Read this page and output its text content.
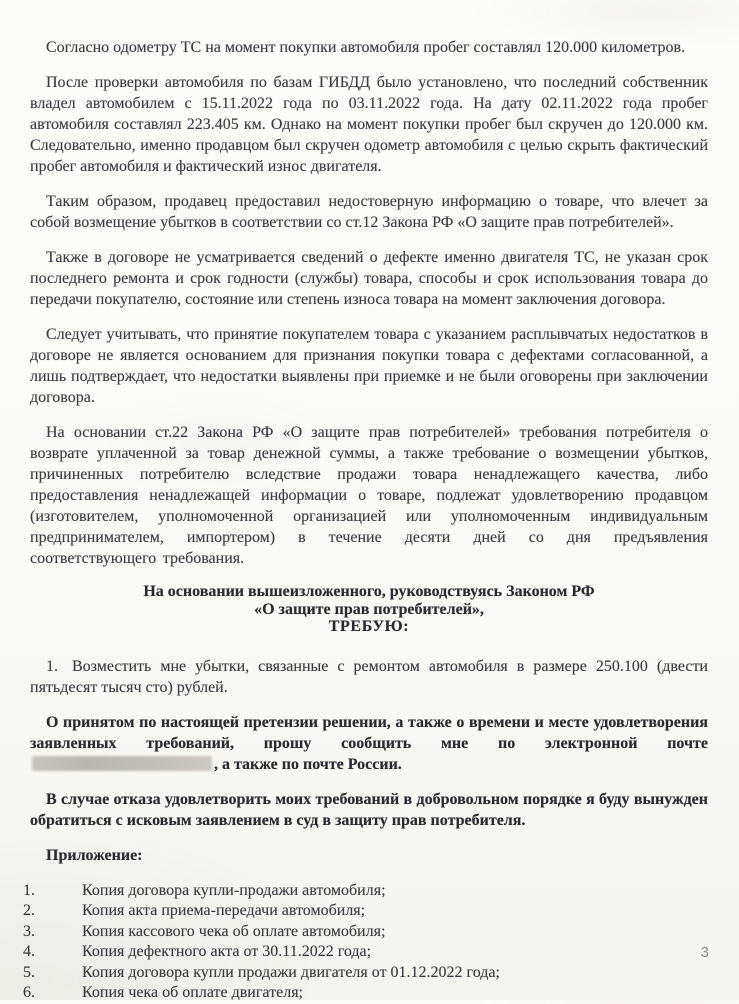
Согласно одометру ТС на момент покупки автомобиля пробег составлял 120.000 километров.

После проверки автомобиля по базам ГИБДД было установлено, что последний собственник владел автомобилем с 15.11.2022 года по 03.11.2022 года. На дату 02.11.2022 года пробег автомобиля составлял 223.405 км. Однако на момент покупки пробег был скручен до 120.000 км. Следовательно, именно продавцом был скручен одометр автомобиля с целью скрыть фактический пробег автомобиля и фактический износ двигателя.

Таким образом, продавец предоставил недостоверную информацию о товаре, что влечет за собой возмещение убытков в соответствии со ст.12 Закона РФ «О защите прав потребителей».

Также в договоре не усматривается сведений о дефекте именно двигателя ТС, не указан срок последнего ремонта и срок годности (службы) товара, способы и срок использования товара до передачи покупателю, состояние или степень износа товара на момент заключения договора.

Следует учитывать, что принятие покупателем товара с указанием расплывчатых недостатков в договоре не является основанием для признания покупки товара с дефектами согласованной, а лишь подтверждает, что недостатки выявлены при приемке и не были оговорены при заключении договора.

На основании ст.22 Закона РФ «О защите прав потребителей» требования потребителя о возврате уплаченной за товар денежной суммы, а также требование о возмещении убытков, причиненных потребителю вследствие продажи товара ненадлежащего качества, либо предоставления ненадлежащей информации о товаре, подлежат удовлетворению продавцом (изготовителем, уполномоченной организацией или уполномоченным индивидуальным предпринимателем, импортером) в течение десяти дней со дня предъявления соответствующего требования.

На основании вышеизложенного, руководствуясь Законом РФ
«О защите прав потребителей»,
ТРЕБУЮ:

1. Возместить мне убытки, связанные с ремонтом автомобиля в размере 250.100 (двести пятьдесят тысяч сто) рублей.

О принятом по настоящей претензии решении, а также о времени и месте удовлетворения заявленных требований, прошу сообщить мне по электронной почте , а также по почте России.

В случае отказа удовлетворить моих требований в добровольном порядке я буду вынужден обратиться с исковым заявлением в суд в защиту прав потребителя.

Приложение:
1.	Копия договора купли-продажи автомобиля;
2.	Копия акта приема-передачи автомобиля;
3.	Копия кассового чека об оплате автомобиля;
4.	Копия дефектного акта от 30.11.2022 года;
5.	Копия договора купли продажи двигателя от 01.12.2022 года;
6.	Копия чека об оплате двигателя;
3
